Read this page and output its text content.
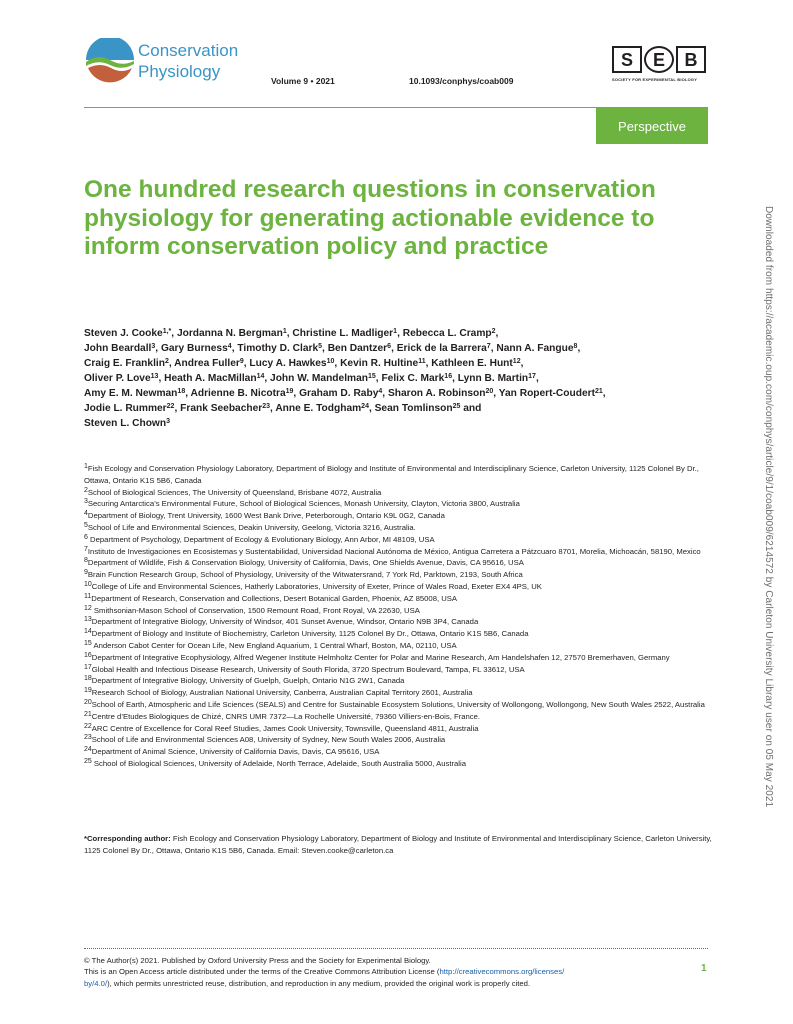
Conservation
Physiology	Volume 9 • 2021	10.1093/conphys/coab009
S	E	B
SOCIETY FOR EXPERIMENTAL BIOLOGY
Perspective
One hundred research questions in conservation physiology for generating actionable evidence to inform conservation policy and practice
Steven J. Cooke$^{1,*}$, Jordanna N. Bergman$^1$, Christine L. Madliger$^1$, Rebecca L. Cramp$^2$,
John Beardall$^3$, Gary Burness$^4$, Timothy D. Clark$^5$, Ben Dantzer$^6$, Erick de la Barrera$^7$, Nann A. Fangue$^8$,
Craig E. Franklin$^2$, Andrea Fuller$^9$, Lucy A. Hawkes$^{10}$, Kevin R. Hultine$^{11}$, Kathleen E. Hunt$^{12}$,
Oliver P. Love$^{13}$, Heath A. MacMillan$^{14}$, John W. Mandelman$^{15}$, Felix C. Mark$^{16}$, Lynn B. Martin$^{17}$,
Amy E. M. Newman$^{18}$, Adrienne B. Nicotra$^{19}$, Graham D. Raby$^4$, Sharon A. Robinson$^{20}$, Yan Ropert-Coudert$^{21}$,
Jodie L. Rummer$^{22}$, Frank Seebacher$^{23}$, Anne E. Todgham$^{24}$, Sean Tomlinson$^{25}$ and
Steven L. Chown$^3$

$^1$Fish Ecology and Conservation Physiology Laboratory, Department of Biology and Institute of Environmental and Interdisciplinary Science, Carleton University, 1125 Colonel By Dr., Ottawa, Ontario K1S 5B6, Canada

$^2$School of Biological Sciences, The University of Queensland, Brisbane 4072, Australia

$^3$Securing Antarctica’s Environmental Future, School of Biological Sciences, Monash University, Clayton, Victoria 3800, Australia

$^4$Department of Biology, Trent University, 1600 West Bank Drive, Peterborough, Ontario K9L 0G2, Canada

$^5$School of Life and Environmental Sciences, Deakin University, Geelong, Victoria 3216, Australia.

$^6$ Department of Psychology, Department of Ecology & Evolutionary Biology, Ann Arbor, MI 48109, USA

$^7$Instituto de Investigaciones en Ecosistemas y Sustentabilidad, Universidad Nacional Autónoma de México, Antigua Carretera a Pátzcuaro 8701, Morelia, Michoacán, 58190, Mexico

$^8$Department of Wildlife, Fish & Conservation Biology, University of California, Davis, One Shields Avenue, Davis, CA 95616, USA

$^9$Brain Function Research Group, School of Physiology, University of the Witwatersrand, 7 York Rd, Parktown, 2193, South Africa

$^{10}$College of Life and Environmental Sciences, Hatherly Laboratories, University of Exeter, Prince of Wales Road, Exeter EX4 4PS, UK

$^{11}$Department of Research, Conservation and Collections, Desert Botanical Garden, Phoenix, AZ 85008, USA

$^{12}$ Smithsonian-Mason School of Conservation, 1500 Remount Road, Front Royal, VA 22630, USA

$^{13}$Department of Integrative Biology, University of Windsor, 401 Sunset Avenue, Windsor, Ontario N9B 3P4, Canada

$^{14}$Department of Biology and Institute of Biochemistry, Carleton University, 1125 Colonel By Dr., Ottawa, Ontario K1S 5B6, Canada

$^{15}$ Anderson Cabot Center for Ocean Life, New England Aquarium, 1 Central Wharf, Boston, MA, 02110, USA

$^{16}$Department of Integrative Ecophysiology, Alfred Wegener Institute Helmholtz Center for Polar and Marine Research, Am Handelshafen 12, 27570 Bremerhaven, Germany

$^{17}$Global Health and Infectious Disease Research, University of South Florida, 3720 Spectrum Boulevard, Tampa, FL 33612, USA

$^{18}$Department of Integrative Biology, University of Guelph, Guelph, Ontario N1G 2W1, Canada

$^{19}$Research School of Biology, Australian National University, Canberra, Australian Capital Territory 2601, Australia

$^{20}$School of Earth, Atmospheric and Life Sciences (SEALS) and Centre for Sustainable Ecosystem Solutions, University of Wollongong, Wollongong, New South Wales 2522, Australia

$^{21}$Centre d’Etudes Biologiques de Chizé, CNRS UMR 7372—La Rochelle Université, 79360 Villiers-en-Bois, France.

$^{22}$ARC Centre of Excellence for Coral Reef Studies, James Cook University, Townsville, Queensland 4811, Australia

$^{23}$School of Life and Environmental Sciences A08, University of Sydney, New South Wales 2006, Australia

$^{24}$Department of Animal Science, University of California Davis, Davis, CA 95616, USA

$^{25}$ School of Biological Sciences, University of Adelaide, North Terrace, Adelaide, South Australia 5000, Australia

*Corresponding author: Fish Ecology and Conservation Physiology Laboratory, Department of Biology and Institute of Environmental and Interdisciplinary Science, Carleton University, 1125 Colonel By Dr., Ottawa, Ontario K1S 5B6, Canada. Email: Steven.cooke@carleton.ca
© The Author(s) 2021. Published by Oxford University Press and the Society for Experimental Biology.
This is an Open Access article distributed under the terms of the Creative Commons Attribution License (http://creativecommons.org/licenses/
by/4.0/), which permits unrestricted reuse, distribution, and reproduction in any medium, provided the original work is properly cited.
1
Downloaded from https://academic.oup.com/conphys/article/9/1/coab009/6214572 by Carleton University Library user on 05 May 2021
